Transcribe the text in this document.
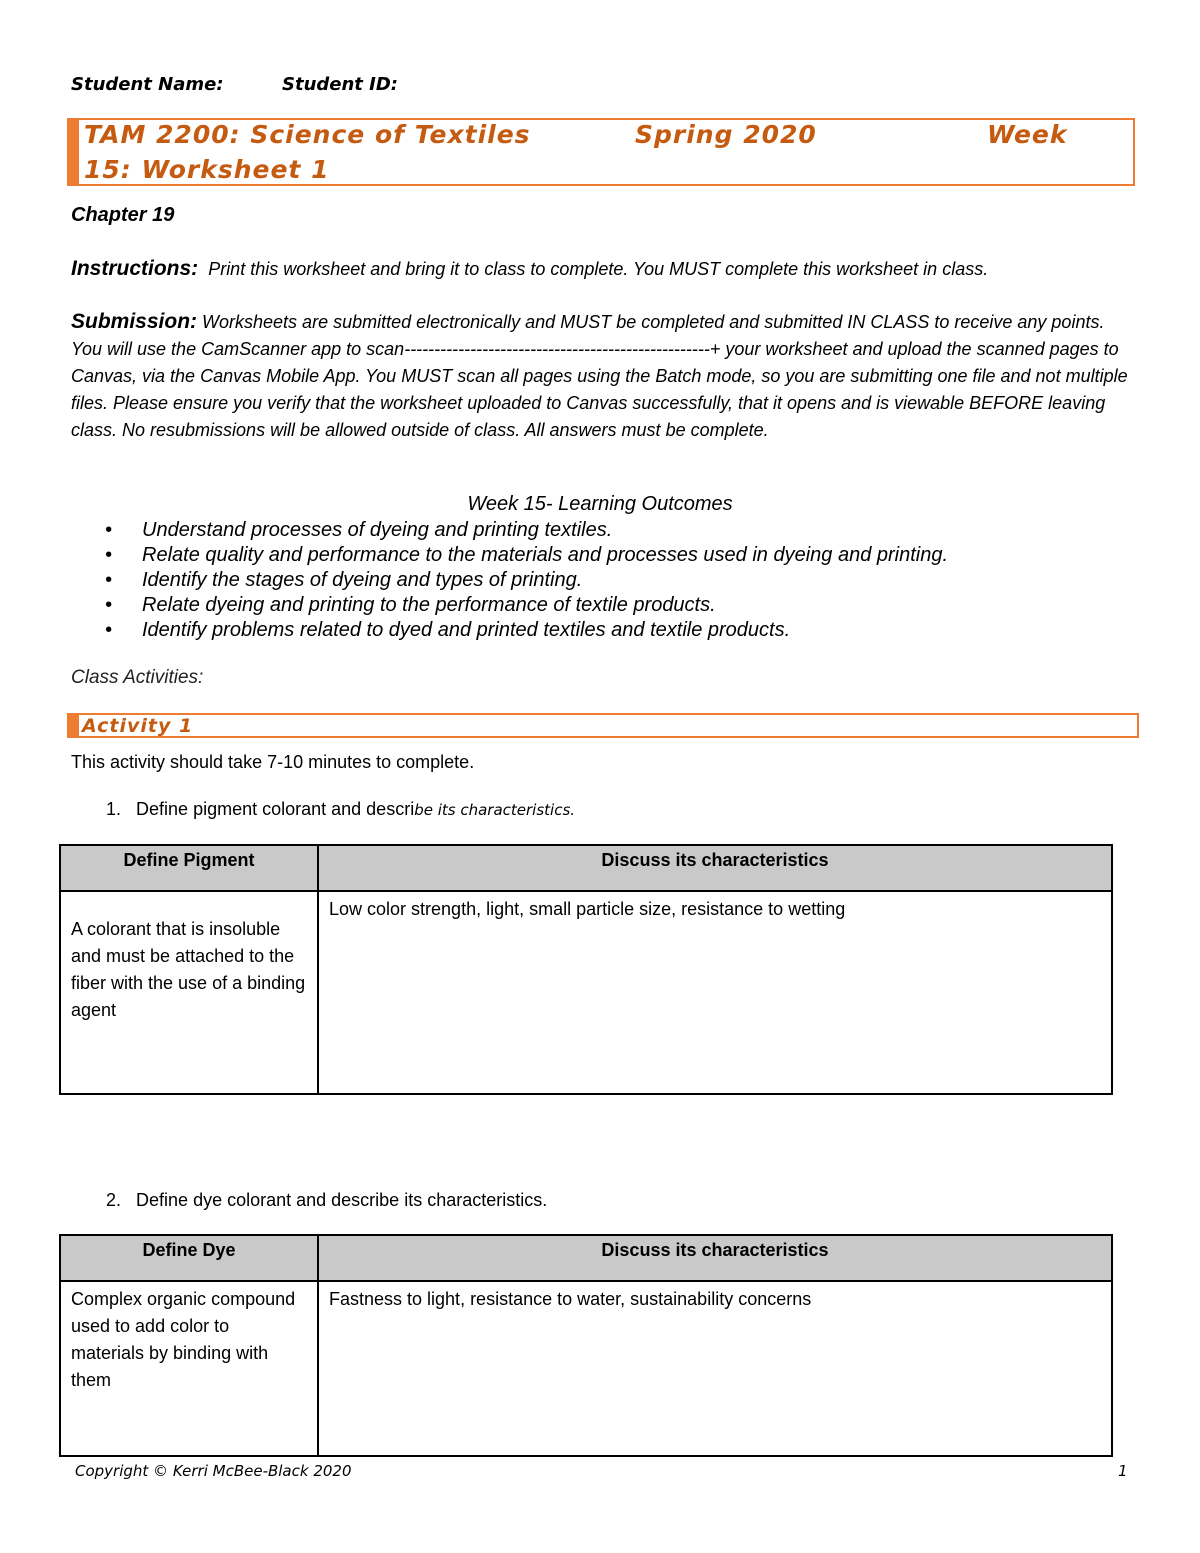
Student Name:	Student ID:
TAM 2200: Science of Textiles	Spring 2020	Week
15: Worksheet 1
Chapter 19
Instructions: Print this worksheet and bring it to class to complete. You MUST complete this worksheet in class.
Submission: Worksheets are submitted electronically and MUST be completed and submitted IN CLASS to receive any points. You will use the CamScanner app to scan---------------------------------------------------+ your worksheet and upload the scanned pages to Canvas, via the Canvas Mobile App. You MUST scan all pages using the Batch mode, so you are submitting one file and not multiple files. Please ensure you verify that the worksheet uploaded to Canvas successfully, that it opens and is viewable BEFORE leaving class. No resubmissions will be allowed outside of class. All answers must be complete.
Week 15- Learning Outcomes
• Understand processes of dyeing and printing textiles.
• Relate quality and performance to the materials and processes used in dyeing and printing.
• Identify the stages of dyeing and types of printing.
• Relate dyeing and printing to the performance of textile products.
• Identify problems related to dyed and printed textiles and textile products.
Class Activities:
Activity 1
This activity should take 7-10 minutes to complete.
1. Define pigment colorant and describe its characteristics.
Define Pigment	Discuss its characteristics
A colorant that is insoluble and must be attached to the fiber with the use of a binding agent	Low color strength, light, small particle size, resistance to wetting
2. Define dye colorant and describe its characteristics.
Define Dye	Discuss its characteristics
Complex organic compound used to add color to materials by binding with them	Fastness to light, resistance to water, sustainability concerns
Copyright © Kerri McBee-Black 2020	1
